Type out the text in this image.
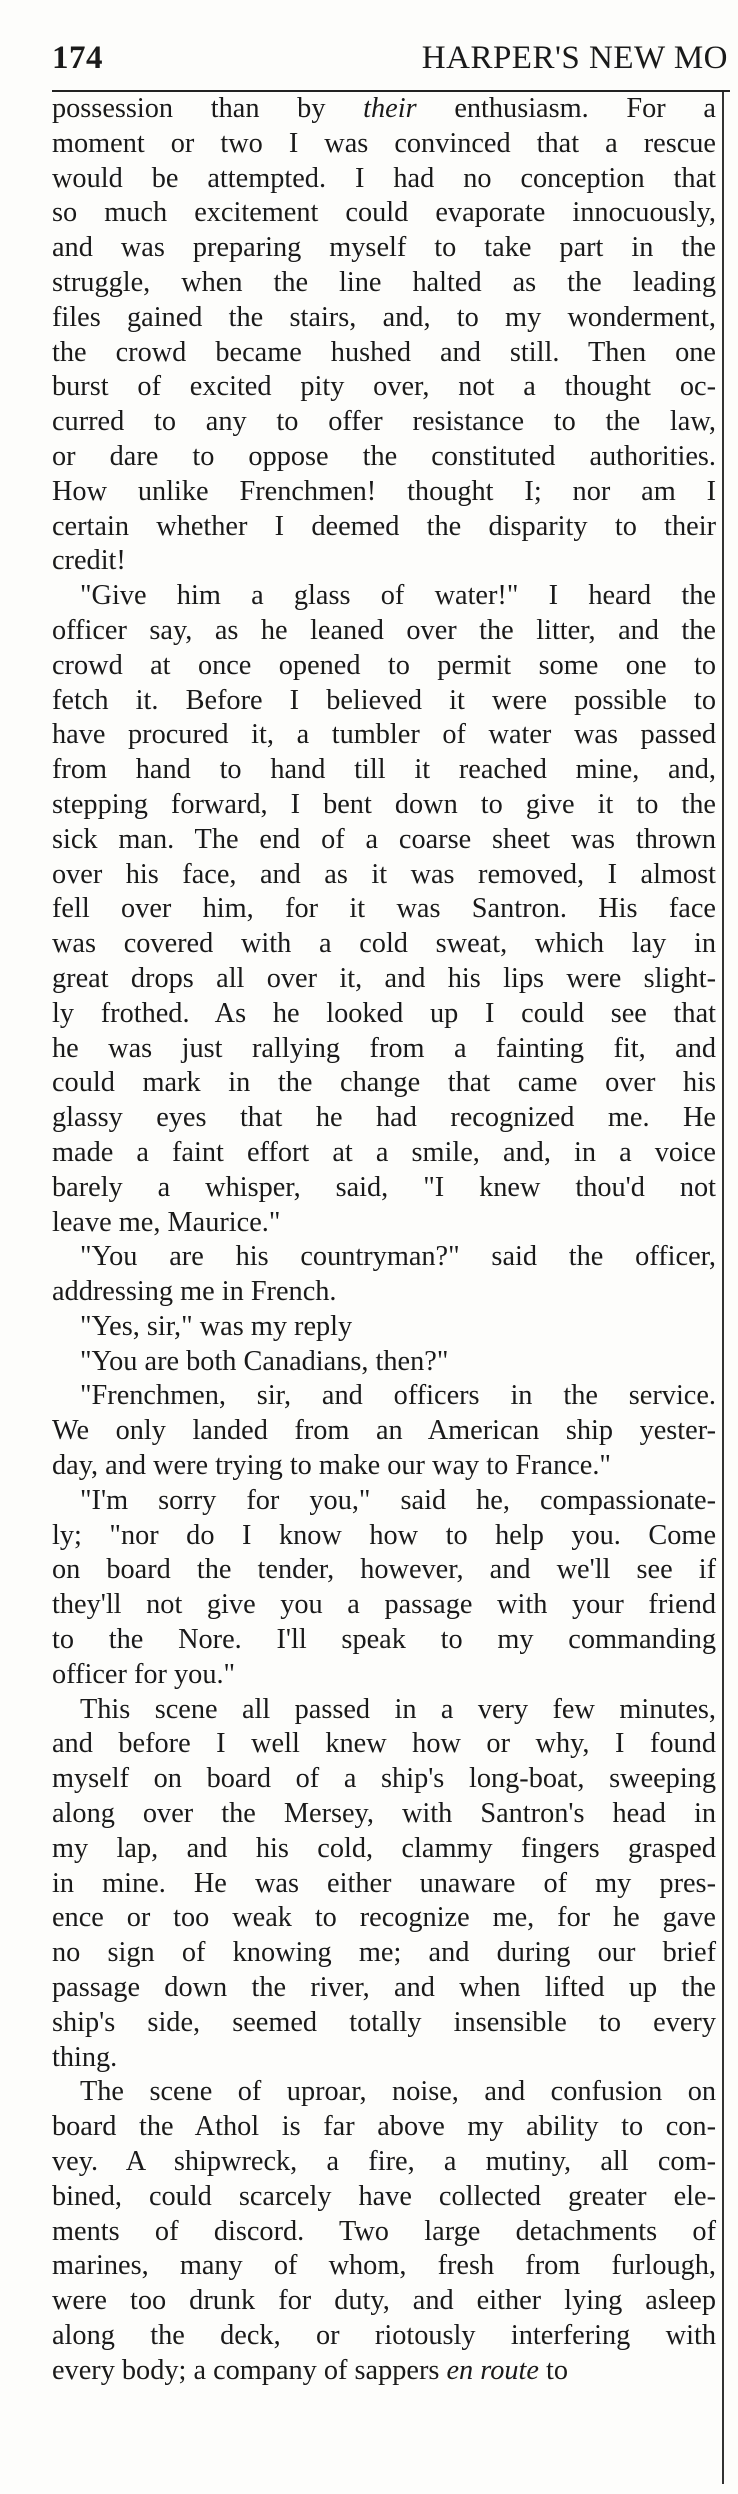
174	HARPER'S NEW MO
possession than by their enthusiasm. For a
moment or two I was convinced that a rescue
would be attempted. I had no conception that
so much excitement could evaporate innocuously,
and was preparing myself to take part in the
struggle, when the line halted as the leading
files gained the stairs, and, to my wonderment,
the crowd became hushed and still. Then one
burst of excited pity over, not a thought oc-
curred to any to offer resistance to the law,
or dare to oppose the constituted authorities.
How unlike Frenchmen! thought I; nor am I
certain whether I deemed the disparity to their
credit!
"Give him a glass of water!" I heard the
officer say, as he leaned over the litter, and the
crowd at once opened to permit some one to
fetch it. Before I believed it were possible to
have procured it, a tumbler of water was passed
from hand to hand till it reached mine, and,
stepping forward, I bent down to give it to the
sick man. The end of a coarse sheet was thrown
over his face, and as it was removed, I almost
fell over him, for it was Santron. His face
was covered with a cold sweat, which lay in
great drops all over it, and his lips were slight-
ly frothed. As he looked up I could see that
he was just rallying from a fainting fit, and
could mark in the change that came over his
glassy eyes that he had recognized me. He
made a faint effort at a smile, and, in a voice
barely a whisper, said, "I knew thou'd not
leave me, Maurice."
"You are his countryman?" said the officer,
addressing me in French.
"Yes, sir," was my reply
"You are both Canadians, then?"
"Frenchmen, sir, and officers in the service.
We only landed from an American ship yester-
day, and were trying to make our way to France."
"I'm sorry for you," said he, compassionate-
ly; "nor do I know how to help you. Come
on board the tender, however, and we'll see if
they'll not give you a passage with your friend
to the Nore. I'll speak to my commanding
officer for you."
This scene all passed in a very few minutes,
and before I well knew how or why, I found
myself on board of a ship's long-boat, sweeping
along over the Mersey, with Santron's head in
my lap, and his cold, clammy fingers grasped
in mine. He was either unaware of my pres-
ence or too weak to recognize me, for he gave
no sign of knowing me; and during our brief
passage down the river, and when lifted up the
ship's side, seemed totally insensible to every
thing.
The scene of uproar, noise, and confusion on
board the Athol is far above my ability to con-
vey. A shipwreck, a fire, a mutiny, all com-
bined, could scarcely have collected greater ele-
ments of discord. Two large detachments of
marines, many of whom, fresh from furlough,
were too drunk for duty, and either lying asleep
along the deck, or riotously interfering with
every body; a company of sappers en route to
